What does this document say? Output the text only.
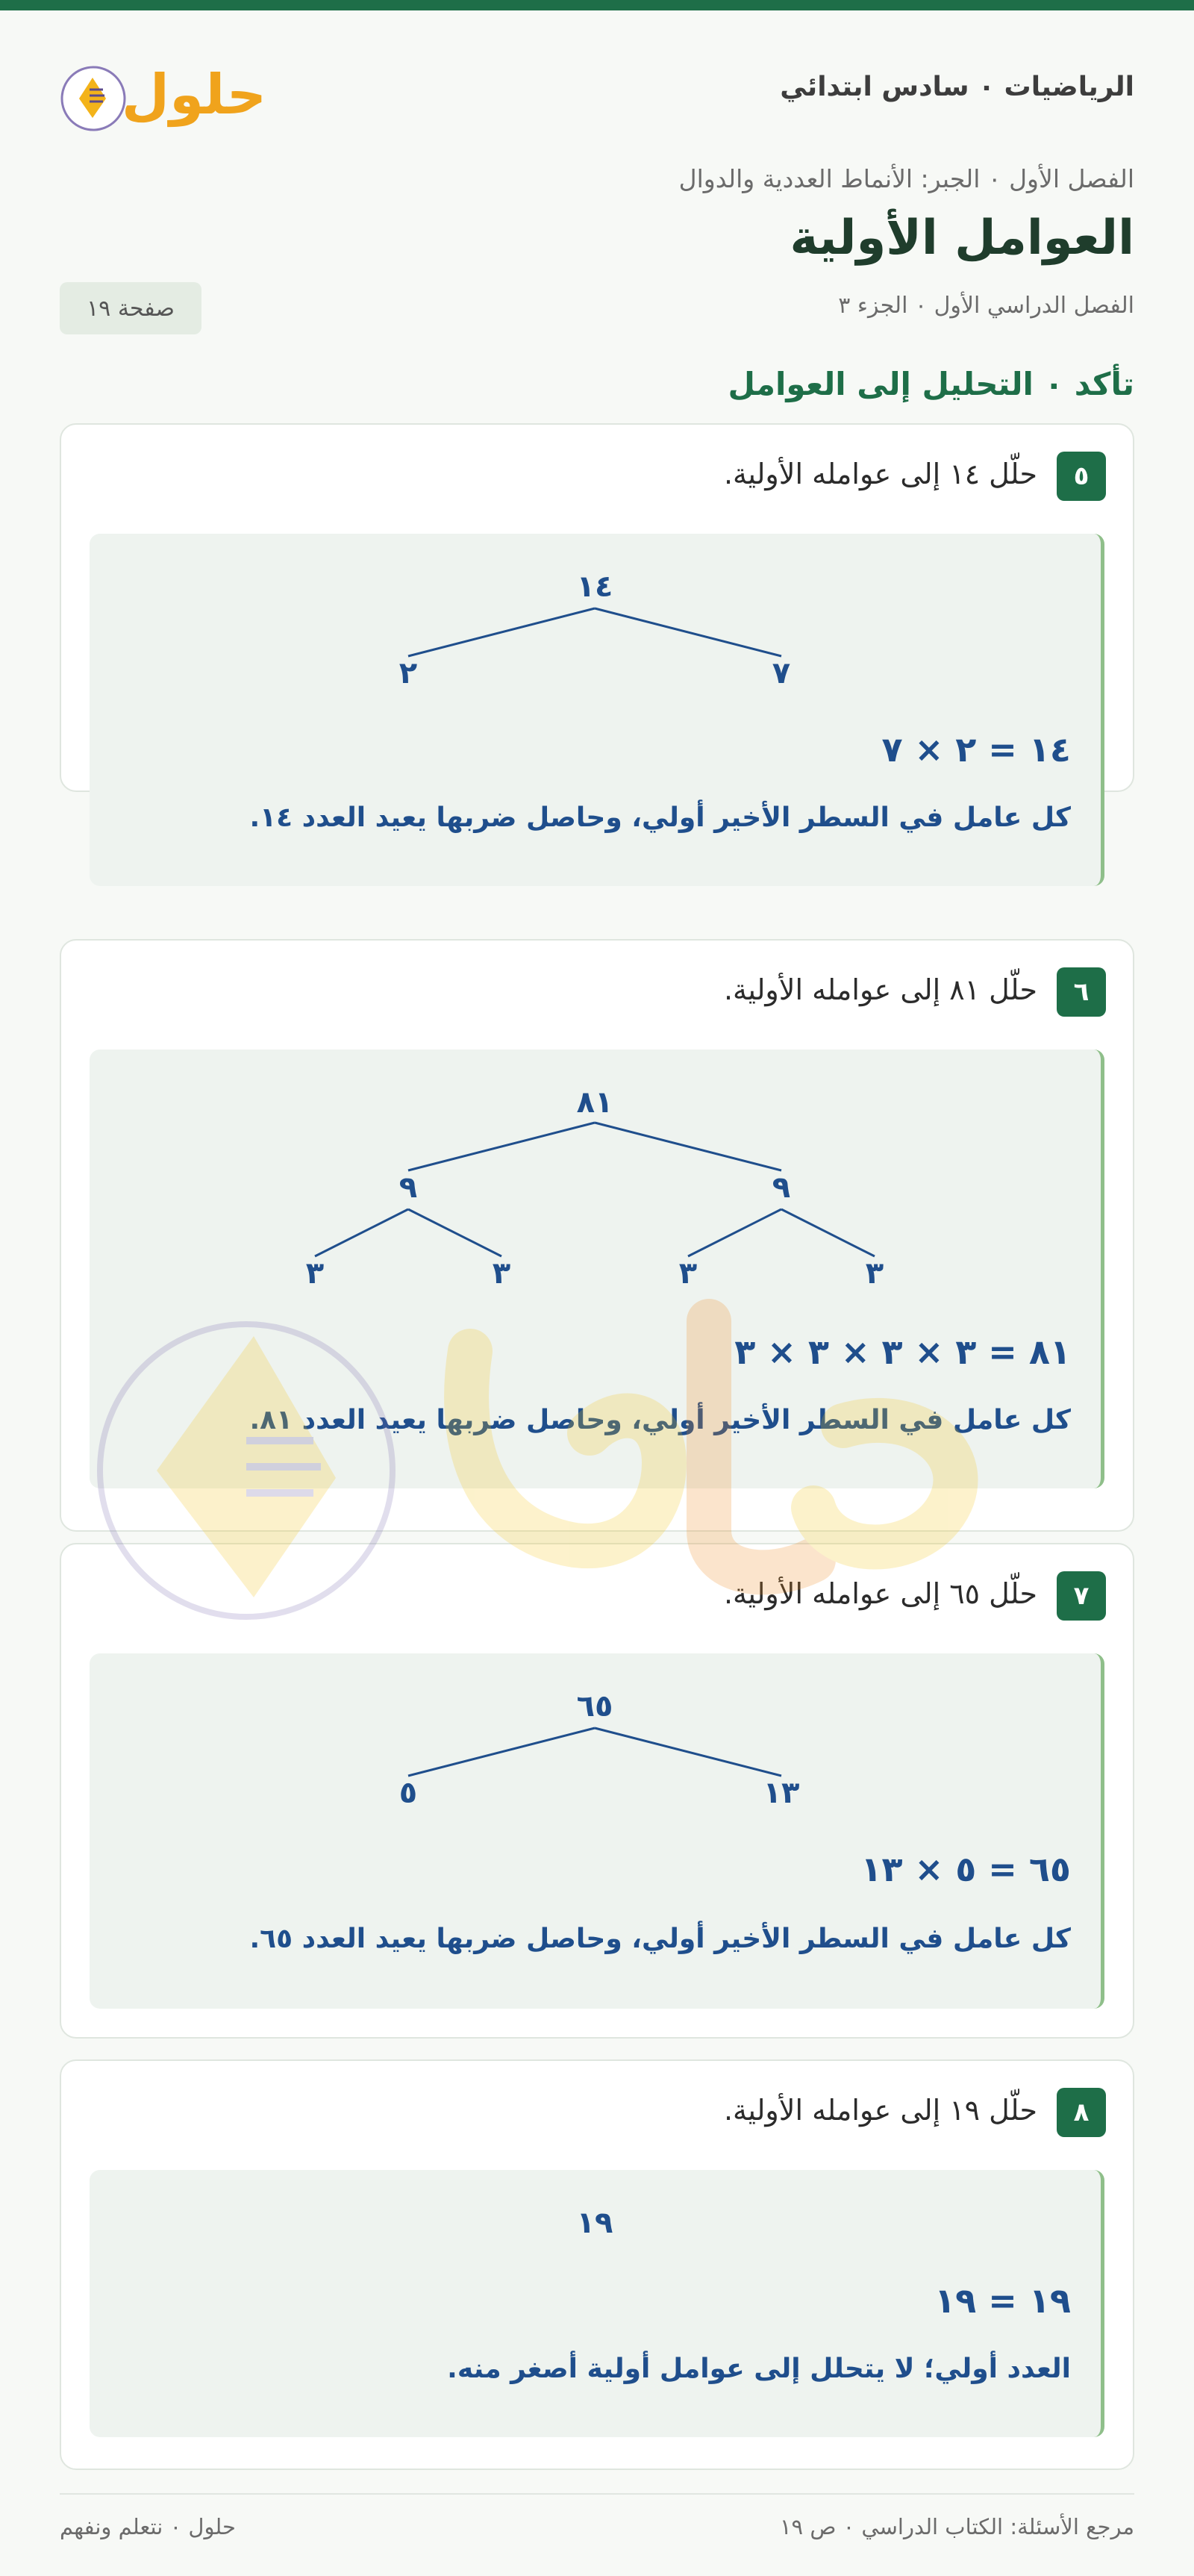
الرياضيات ٠ سادس ابتدائي
حلول
الفصل الأول ٠ الجبر: الأنماط العددية والدوال
العوامل الأولية
الفصل الدراسي الأول ٠ الجزء ٣
صفحة ١٩
تأكد ٠ التحليل إلى العوامل
٥
حلّل ١٤ إلى عوامله الأولية.
١٤
٢	٧
١٤ = ٢ × ٧
كل عامل في السطر الأخير أولي، وحاصل ضربها يعيد العدد ١٤.
٦
حلّل ٨١ إلى عوامله الأولية.
٨١
٩	٩
٣	٣	٣	٣
٨١ = ٣ × ٣ × ٣ × ٣
كل عامل في السطر الأخير أولي، وحاصل ضربها يعيد العدد ٨١.
٧
حلّل ٦٥ إلى عوامله الأولية.
٦٥
٥	١٣
٦٥ = ٥ × ١٣
كل عامل في السطر الأخير أولي، وحاصل ضربها يعيد العدد ٦٥.
٨
حلّل ١٩ إلى عوامله الأولية.
١٩
١٩ = ١٩
العدد أولي؛ لا يتحلل إلى عوامل أولية أصغر منه.
مرجع الأسئلة: الكتاب الدراسي ٠ ص ١٩
حلول ٠ نتعلم ونفهم
